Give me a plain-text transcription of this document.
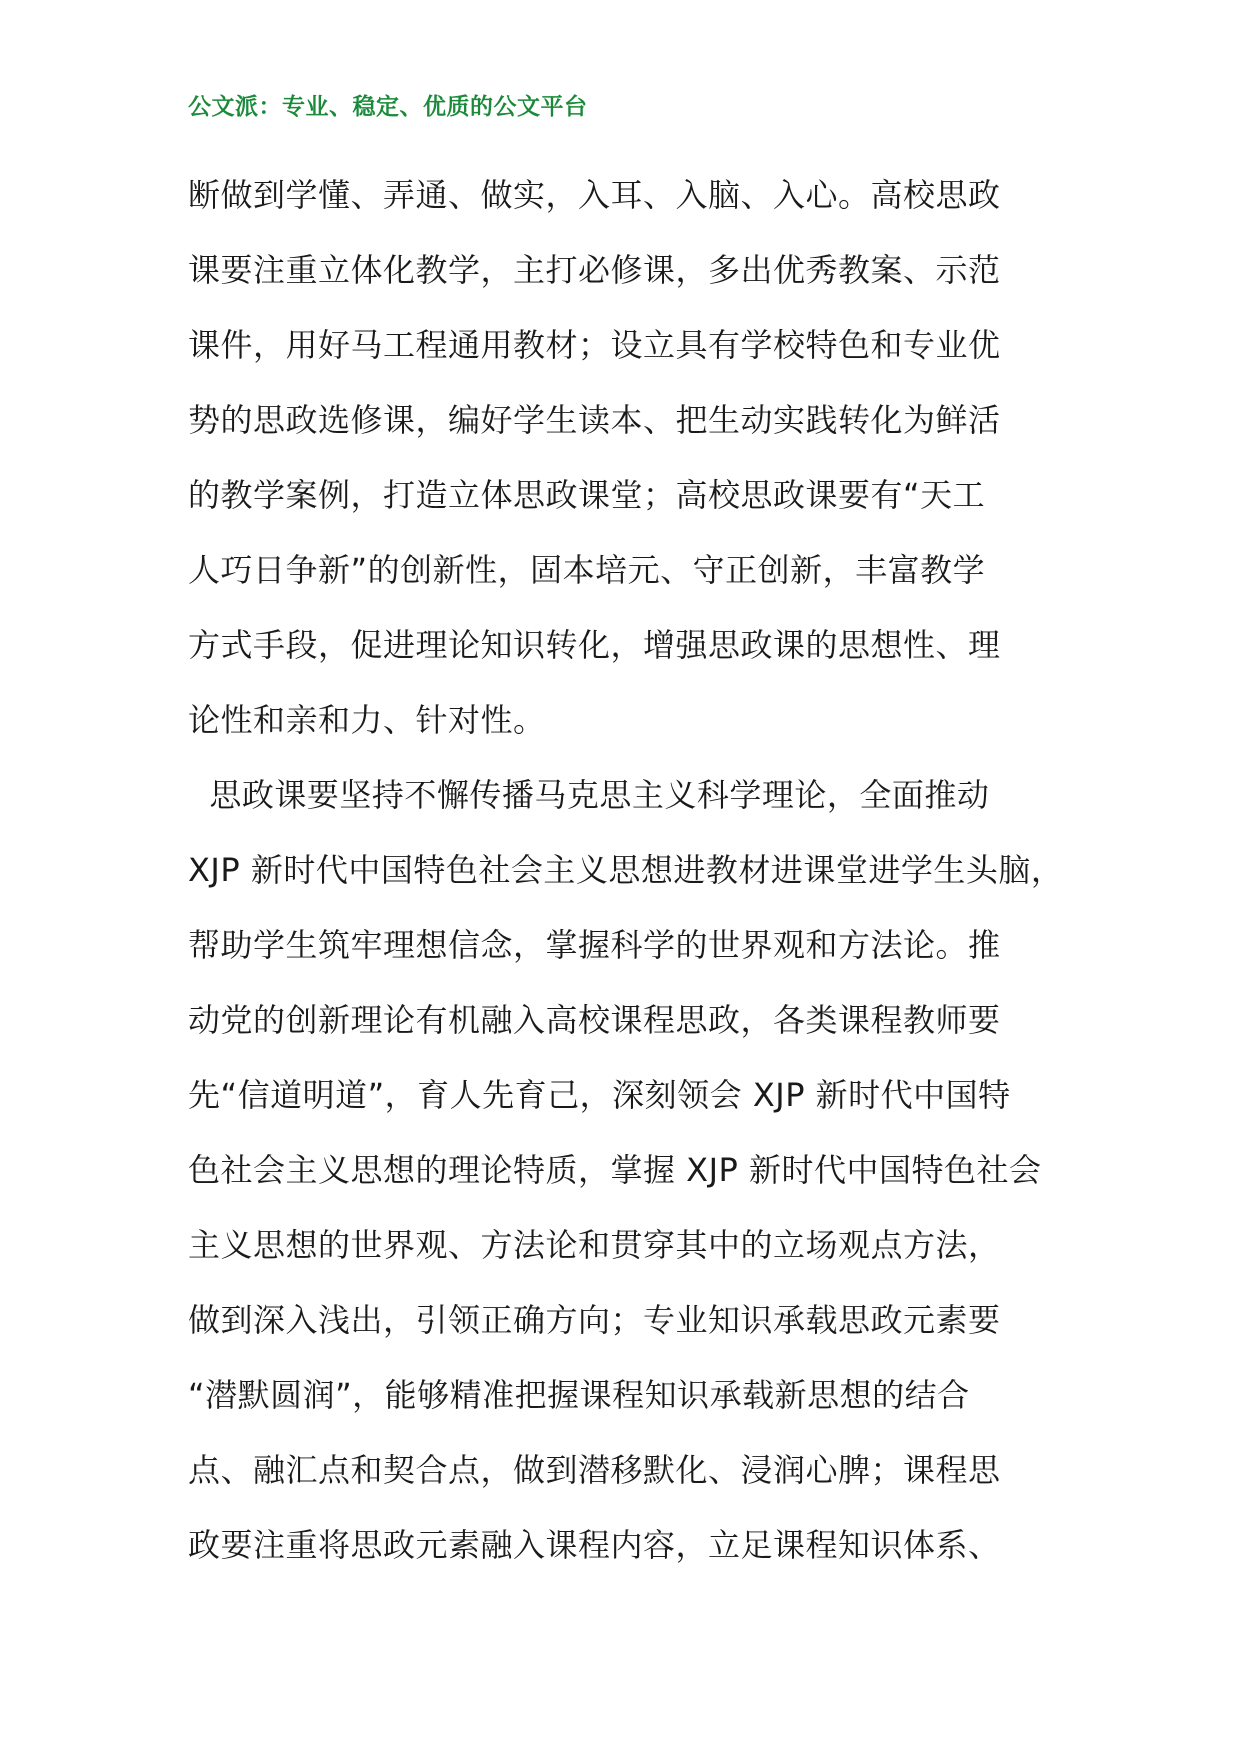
公文派：专业、稳定、优质的公文平台
断做到学懂、弄通、做实，入耳、入脑、入心。高校思政
课要注重立体化教学，主打必修课，多出优秀教案、示范
课件，用好马工程通用教材；设立具有学校特色和专业优
势的思政选修课，编好学生读本、把生动实践转化为鲜活
的教学案例，打造立体思政课堂；高校思政课要有“天工
人巧日争新”的创新性，固本培元、守正创新，丰富教学
方式手段，促进理论知识转化，增强思政课的思想性、理
论性和亲和力、针对性。
思政课要坚持不懈传播马克思主义科学理论，全面推动
XJP 新时代中国特色社会主义思想进教材进课堂进学生头脑，
帮助学生筑牢理想信念，掌握科学的世界观和方法论。推
动党的创新理论有机融入高校课程思政，各类课程教师要
先“信道明道”，育人先育己，深刻领会 XJP 新时代中国特
色社会主义思想的理论特质，掌握 XJP 新时代中国特色社会
主义思想的世界观、方法论和贯穿其中的立场观点方法，
做到深入浅出，引领正确方向；专业知识承载思政元素要
“潜默圆润”，能够精准把握课程知识承载新思想的结合
点、融汇点和契合点，做到潜移默化、浸润心脾；课程思
政要注重将思政元素融入课程内容，立足课程知识体系、
